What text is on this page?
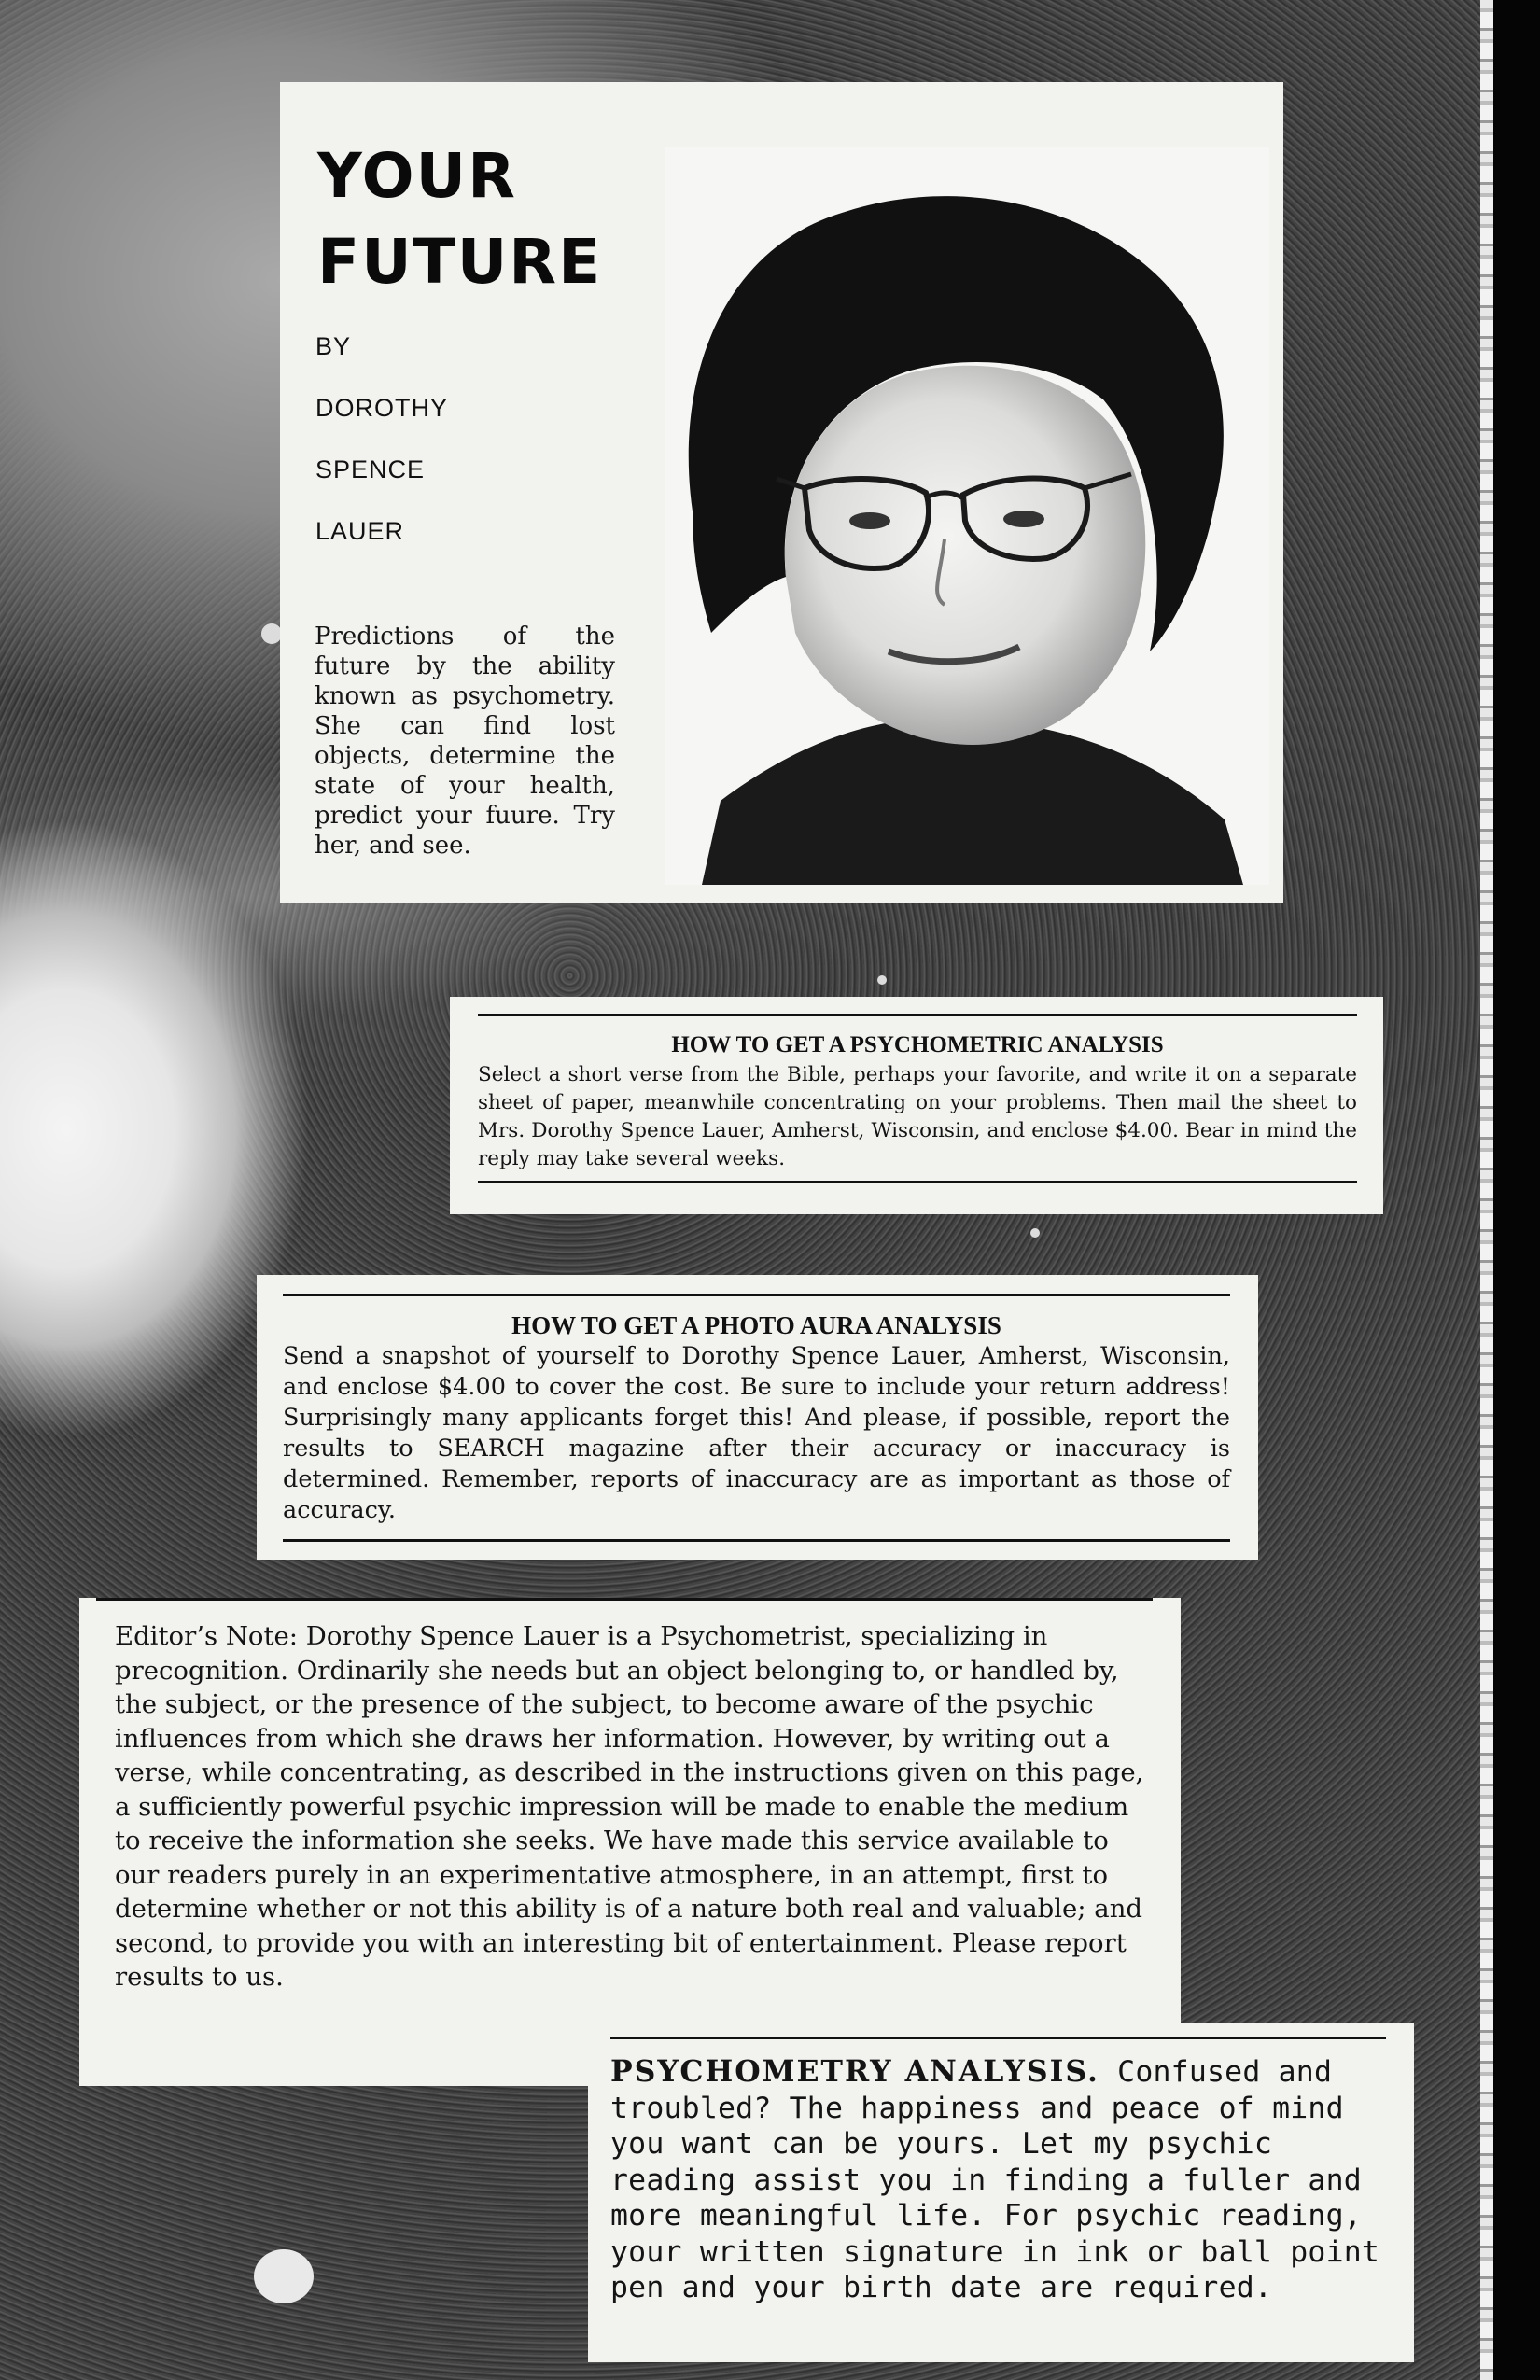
YOUR
FUTURE
BY
DOROTHY
SPENCE
LAUER

Predictions of the future by the ability known as psychometry. She can find lost objects, determine the state of your health, predict your fuure. Try her, and see.

HOW TO GET A PSYCHOMETRIC ANALYSIS

Select a short verse from the Bible, perhaps your favorite, and write it on a separate sheet of paper, meanwhile concentrating on your problems. Then mail the sheet to Mrs. Dorothy Spence Lauer, Amherst, Wisconsin, and enclose $4.00. Bear in mind the reply may take several weeks.

HOW TO GET A PHOTO AURA ANALYSIS

Send a snapshot of yourself to Dorothy Spence Lauer, Amherst, Wisconsin, and enclose $4.00 to cover the cost. Be sure to include your return address! Surprisingly many applicants forget this! And please, if possible, report the results to SEARCH magazine after their accuracy or inaccuracy is determined. Remember, reports of inaccuracy are as important as those of accuracy.

Editor’s Note: Dorothy Spence Lauer is a Psychometrist, specializing in precognition. Ordinarily she needs but an object belonging to, or handled by, the subject, or the presence of the subject, to become aware of the psychic influences from which she draws her information. However, by writing out a verse, while concentrating, as described in the instructions given on this page, a sufficiently powerful psychic impression will be made to enable the medium to receive the information she seeks. We have made this service available to our readers purely in an experimentative atmosphere, in an attempt, first to determine whether or not this ability is of a nature both real and valuable; and second, to provide you with an interesting bit of entertainment. Please report results to us.

PSYCHOMETRY ANALYSIS. Confused and troubled? The happiness and peace of mind you want can be yours. Let my psychic reading assist you in finding a fuller and more meaningful life. For psychic reading, your written signature in ink or ball point pen and your birth date are required.
